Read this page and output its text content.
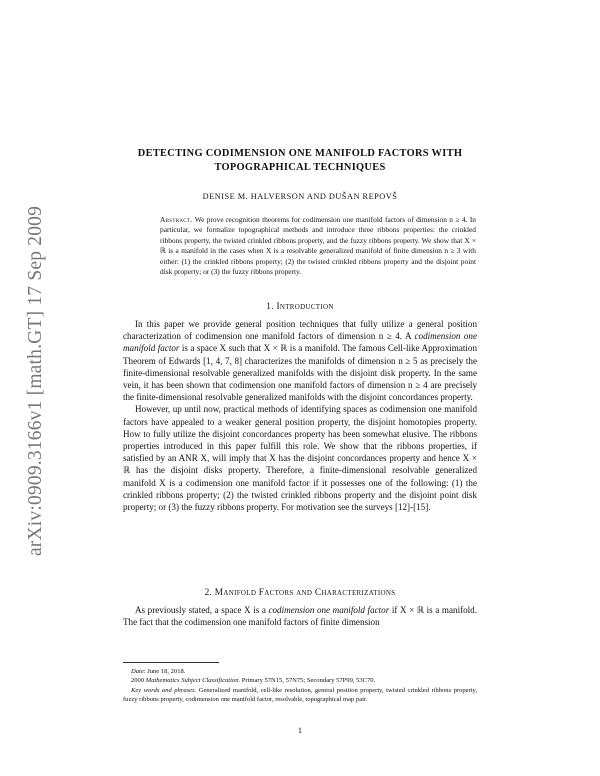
arXiv:0909.3166v1 [math.GT] 17 Sep 2009
DETECTING CODIMENSION ONE MANIFOLD FACTORS WITH
TOPOGRAPHICAL TECHNIQUES
DENISE M. HALVERSON AND DUŠAN REPOVŠ
Abstract. We prove recognition theorems for codimension one manifold factors of dimension n ≥ 4. In particular, we formalize topographical methods and introduce three ribbons properties: the crinkled ribbons property, the twisted crinkled ribbons property, and the fuzzy ribbons property. We show that X × ℝ is a manifold in the cases when X is a resolvable generalized manifold of finite dimension n ≥ 3 with either: (1) the crinkled ribbons property; (2) the twisted crinkled ribbons property and the disjoint point disk property; or (3) the fuzzy ribbons property.
1. Introduction

In this paper we provide general position techniques that fully utilize a general position characterization of codimension one manifold factors of dimension n ≥ 4. A codimension one manifold factor is a space X such that X × ℝ is a manifold. The famous Cell-like Approximation Theorem of Edwards [1, 4, 7, 8] characterizes the manifolds of dimension n ≥ 5 as precisely the finite-dimensional resolvable generalized manifolds with the disjoint disk property. In the same vein, it has been shown that codimension one manifold factors of dimension n ≥ 4 are precisely the finite-dimensional resolvable generalized manifolds with the disjoint concordances property.

However, up until now, practical methods of identifying spaces as codimension one manifold factors have appealed to a weaker general position property, the disjoint homotopies property. How to fully utilize the disjoint concordances property has been somewhat elusive. The ribbons properties introduced in this paper fulfill this role. We show that the ribbons properties, if satisfied by an ANR X, will imply that X has the disjoint concordances property and hence X × ℝ has the disjoint disks property. Therefore, a finite-dimensional resolvable generalized manifold X is a codimension one manifold factor if it possesses one of the following: (1) the crinkled ribbons property; (2) the twisted crinkled ribbons property and the disjoint point disk property; or (3) the fuzzy ribbons property. For motivation see the surveys [12]-[15].

2. Manifold Factors and Characterizations

As previously stated, a space X is a codimension one manifold factor if X × ℝ is a manifold. The fact that the codimension one manifold factors of finite dimension

Date: June 18, 2018.

2000 Mathematics Subject Classification. Primary 57N15, 57N75; Secondary 57P99, 53C70.

Key words and phrases. Generalized manifold, cell-like resolution, general position property, twisted crinkled ribbons property, fuzzy ribbons property, codimension one manifold factor, resolvable, topographical map pair.

1
